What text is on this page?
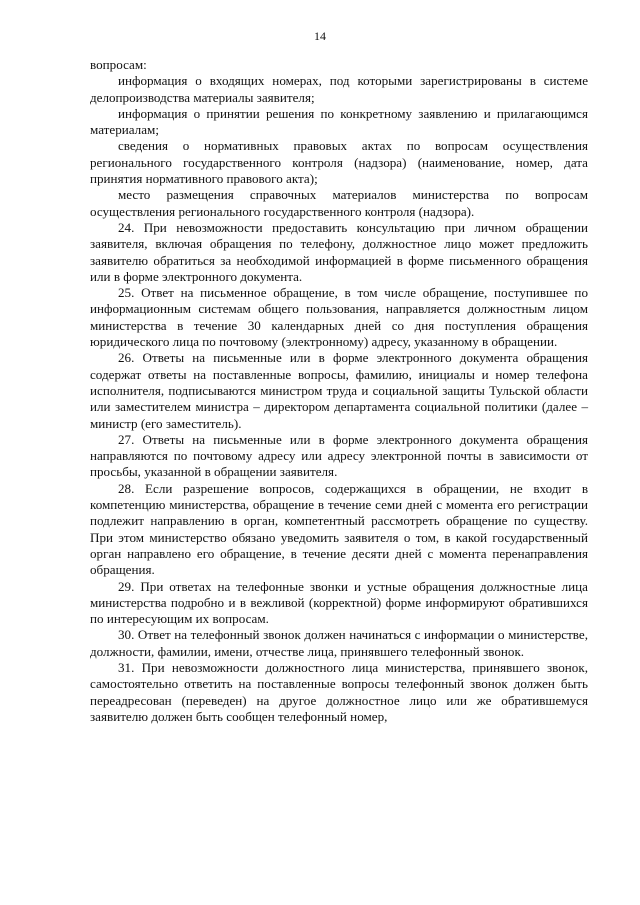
14

вопросам:

информация о входящих номерах, под которыми зарегистрированы в системе делопроизводства материалы заявителя;

информация о принятии решения по конкретному заявлению и прилагающимся материалам;

сведения о нормативных правовых актах по вопросам осуществления регионального государственного контроля (надзора) (наименование, номер, дата принятия нормативного правового акта);

место размещения справочных материалов министерства по вопросам осуществления регионального государственного контроля (надзора).

24. При невозможности предоставить консультацию при личном обращении заявителя, включая обращения по телефону, должностное лицо может предложить заявителю обратиться за необходимой информацией в форме письменного обращения или в форме электронного документа.

25. Ответ на письменное обращение, в том числе обращение, поступившее по информационным системам общего пользования, направляется должностным лицом министерства в течение 30 календарных дней со дня поступления обращения юридического лица по почтовому (электронному) адресу, указанному в обращении.

26. Ответы на письменные или в форме электронного документа обращения содержат ответы на поставленные вопросы, фамилию, инициалы и номер телефона исполнителя, подписываются министром труда и социальной защиты Тульской области или заместителем министра – директором департамента социальной политики (далее – министр (его заместитель).

27. Ответы на письменные или в форме электронного документа обращения направляются по почтовому адресу или адресу электронной почты в зависимости от просьбы, указанной в обращении заявителя.

28. Если разрешение вопросов, содержащихся в обращении, не входит в компетенцию министерства, обращение в течение семи дней с момента его регистрации подлежит направлению в орган, компетентный рассмотреть обращение по существу. При этом министерство обязано уведомить заявителя о том, в какой государственный орган направлено его обращение, в течение десяти дней с момента перенаправления обращения.

29. При ответах на телефонные звонки и устные обращения должностные лица министерства подробно и в вежливой (корректной) форме информируют обратившихся по интересующим их вопросам.

30. Ответ на телефонный звонок должен начинаться с информации о министерстве, должности, фамилии, имени, отчестве лица, принявшего телефонный звонок.

31. При невозможности должностного лица министерства, принявшего звонок, самостоятельно ответить на поставленные вопросы телефонный звонок должен быть переадресован (переведен) на другое должностное лицо или же обратившемуся заявителю должен быть сообщен телефонный номер,
